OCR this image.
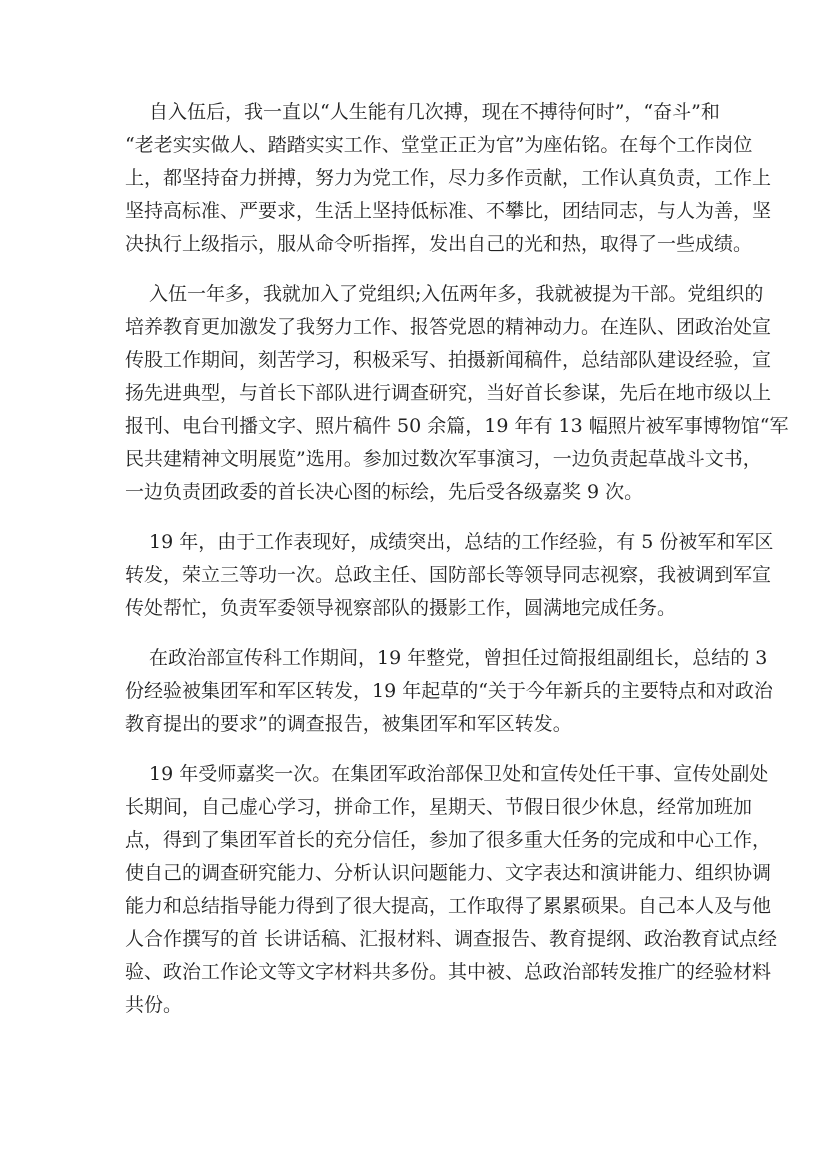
自入伍后，我一直以“人生能有几次搏，现在不搏待何时”，“奋斗”和
“老老实实做人、踏踏实实工作、堂堂正正为官”为座佑铭。在每个工作岗位
上，都坚持奋力拼搏，努力为党工作，尽力多作贡献，工作认真负责，工作上
坚持高标准、严要求，生活上坚持低标准、不攀比，团结同志，与人为善，坚
决执行上级指示，服从命令听指挥，发出自己的光和热，取得了一些成绩。
入伍一年多，我就加入了党组织;入伍两年多，我就被提为干部。党组织的
培养教育更加激发了我努力工作、报答党恩的精神动力。在连队、团政治处宣
传股工作期间，刻苦学习，积极采写、拍摄新闻稿件，总结部队建设经验，宣
扬先进典型，与首长下部队进行调查研究，当好首长参谋，先后在地市级以上
报刊、电台刊播文字、照片稿件 50 余篇，19 年有 13 幅照片被军事博物馆“军
民共建精神文明展览”选用。参加过数次军事演习，一边负责起草战斗文书，
一边负责团政委的首长决心图的标绘，先后受各级嘉奖 9 次。
19 年，由于工作表现好，成绩突出，总结的工作经验，有 5 份被军和军区
转发，荣立三等功一次。总政主任、国防部长等领导同志视察，我被调到军宣
传处帮忙，负责军委领导视察部队的摄影工作，圆满地完成任务。
在政治部宣传科工作期间，19 年整党，曾担任过简报组副组长，总结的 3
份经验被集团军和军区转发，19 年起草的“关于今年新兵的主要特点和对政治
教育提出的要求”的调查报告，被集团军和军区转发。
19 年受师嘉奖一次。在集团军政治部保卫处和宣传处任干事、宣传处副处
长期间，自己虚心学习，拼命工作，星期天、节假日很少休息，经常加班加
点，得到了集团军首长的充分信任，参加了很多重大任务的完成和中心工作，
使自己的调查研究能力、分析认识问题能力、文字表达和演讲能力、组织协调
能力和总结指导能力得到了很大提高，工作取得了累累硕果。自己本人及与他
人合作撰写的首 长讲话稿、汇报材料、调查报告、教育提纲、政治教育试点经
验、政治工作论文等文字材料共多份。其中被、总政治部转发推广的经验材料
共份。
